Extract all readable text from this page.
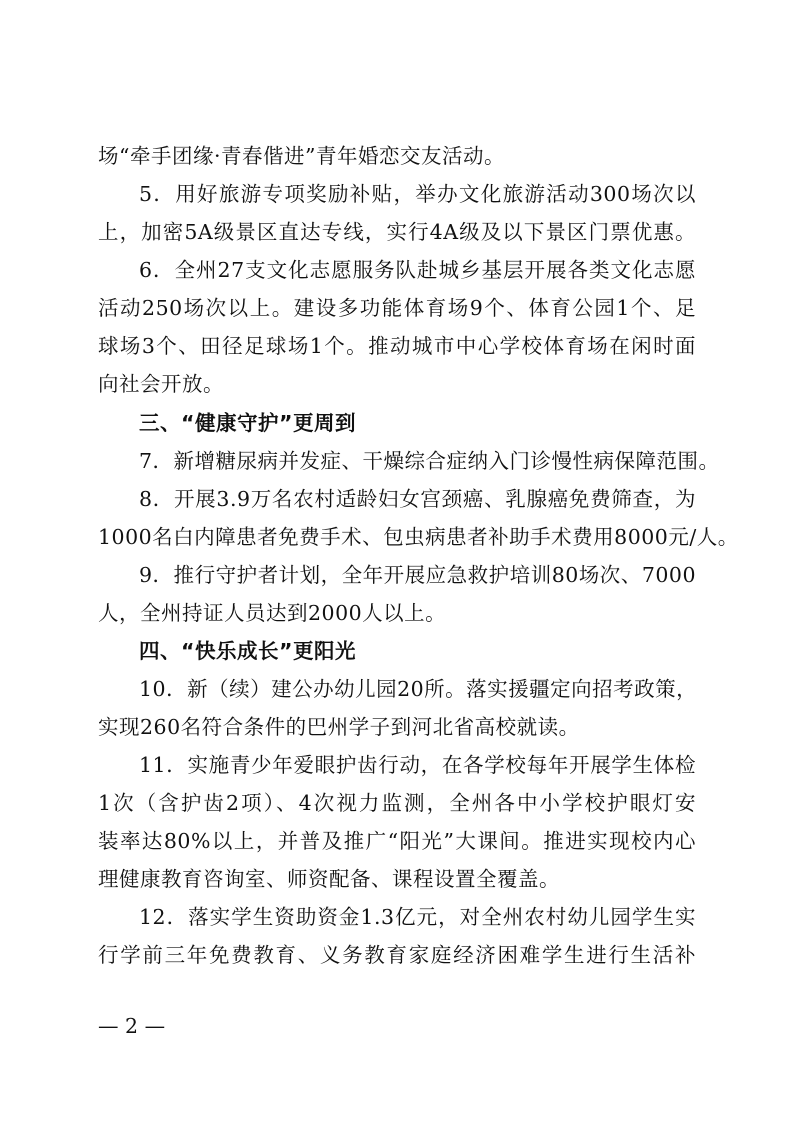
场“牵手团缘·青春偕进”青年婚恋交友活动。
5．用好旅游专项奖励补贴，举办文化旅游活动300场次以
上，加密5A级景区直达专线，实行4A级及以下景区门票优惠。
6．全州27支文化志愿服务队赴城乡基层开展各类文化志愿
活动250场次以上。建设多功能体育场9个、体育公园1个、足
球场3个、田径足球场1个。推动城市中心学校体育场在闲时面
向社会开放。
三、“健康守护”更周到
7．新增糖尿病并发症、干燥综合症纳入门诊慢性病保障范围。
8．开展3.9万名农村适龄妇女宫颈癌、乳腺癌免费筛查，为
1000名白内障患者免费手术、包虫病患者补助手术费用8000元/人。
9．推行守护者计划，全年开展应急救护培训80场次、7000
人，全州持证人员达到2000人以上。
四、“快乐成长”更阳光
10．新（续）建公办幼儿园20所。落实援疆定向招考政策，
实现260名符合条件的巴州学子到河北省高校就读。
11．实施青少年爱眼护齿行动，在各学校每年开展学生体检
1次（含护齿2项）、4次视力监测，全州各中小学校护眼灯安
装率达80%以上，并普及推广“阳光”大课间。推进实现校内心
理健康教育咨询室、师资配备、课程设置全覆盖。
12．落实学生资助资金1.3亿元，对全州农村幼儿园学生实
行学前三年免费教育、义务教育家庭经济困难学生进行生活补
— 2 —
